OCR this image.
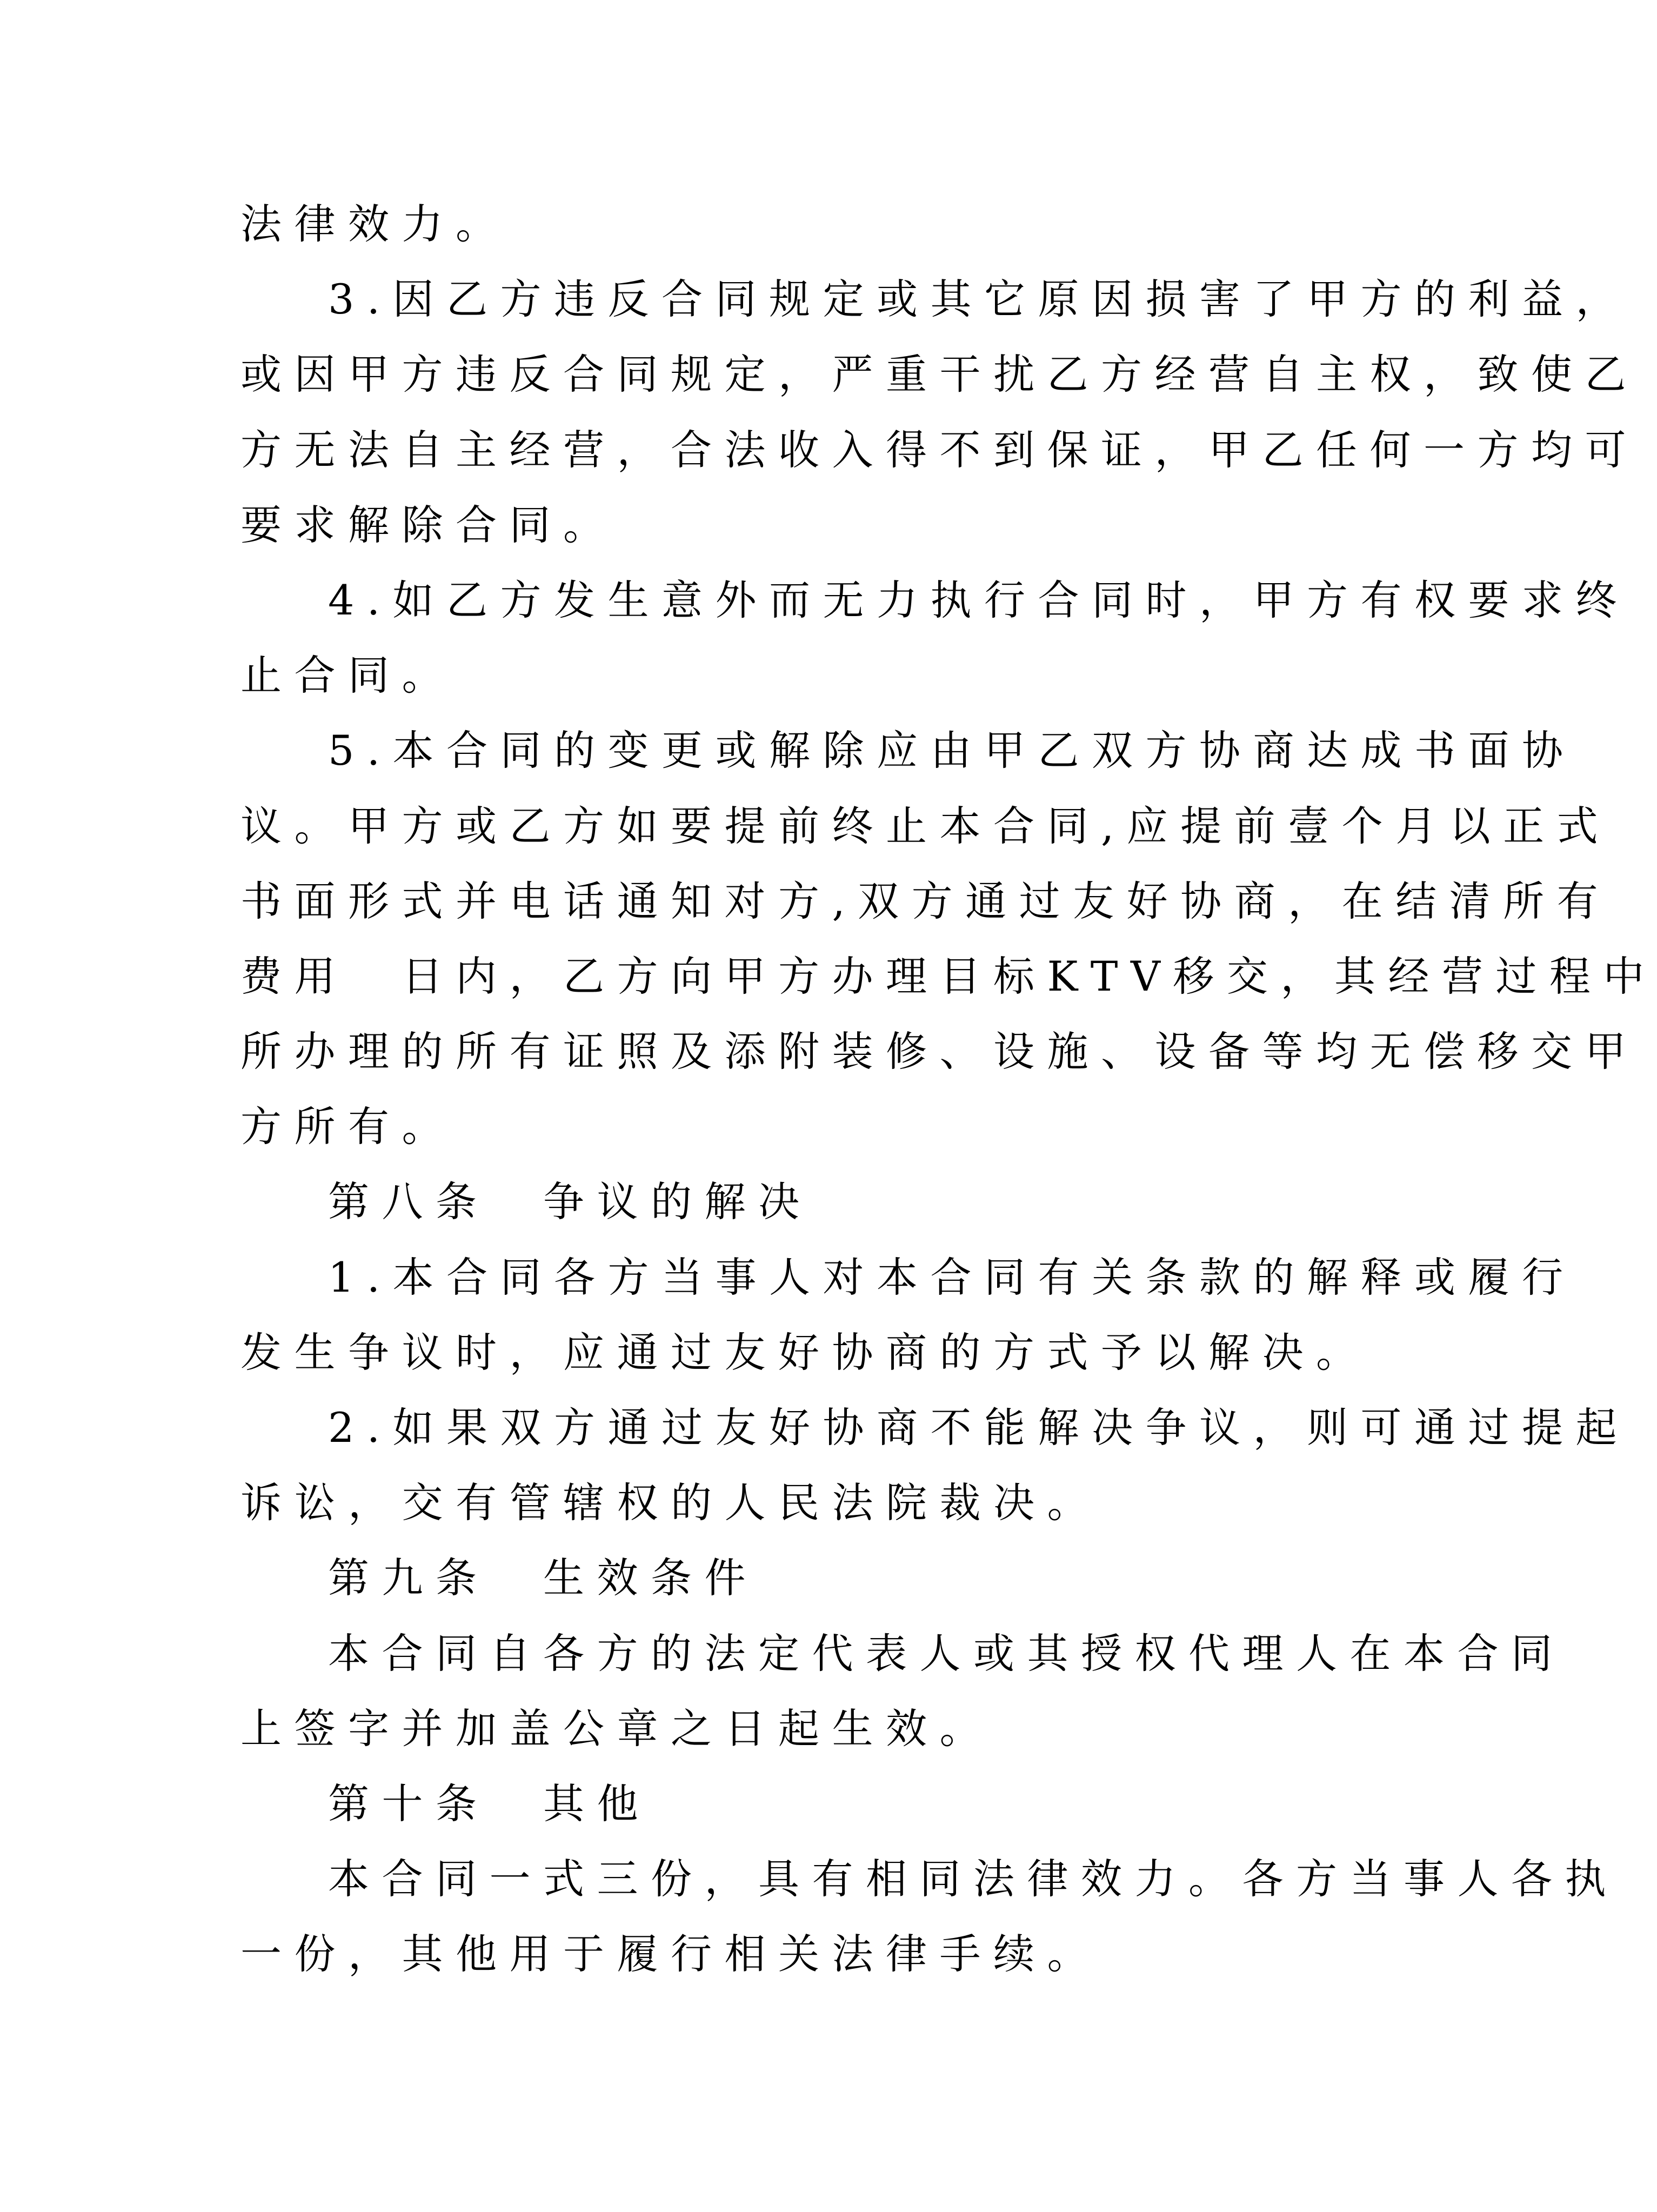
法律效力。
3.因乙方违反合同规定或其它原因损害了甲方的利益，
或因甲方违反合同规定，严重干扰乙方经营自主权，致使乙
方无法自主经营，合法收入得不到保证，甲乙任何一方均可
要求解除合同。
4.如乙方发生意外而无力执行合同时，甲方有权要求终
止合同。
5.本合同的变更或解除应由甲乙双方协商达成书面协
议。甲方或乙方如要提前终止本合同,应提前壹个月以正式
书面形式并电话通知对方,双方通过友好协商，在结清所有
费用　日内，乙方向甲方办理目标KTV移交，其经营过程中
所办理的所有证照及添附装修、设施、设备等均无偿移交甲
方所有。
第八条　争议的解决
1.本合同各方当事人对本合同有关条款的解释或履行
发生争议时，应通过友好协商的方式予以解决。
2.如果双方通过友好协商不能解决争议，则可通过提起
诉讼，交有管辖权的人民法院裁决。
第九条　生效条件
本合同自各方的法定代表人或其授权代理人在本合同
上签字并加盖公章之日起生效。
第十条　其他
本合同一式三份，具有相同法律效力。各方当事人各执
一份，其他用于履行相关法律手续。
